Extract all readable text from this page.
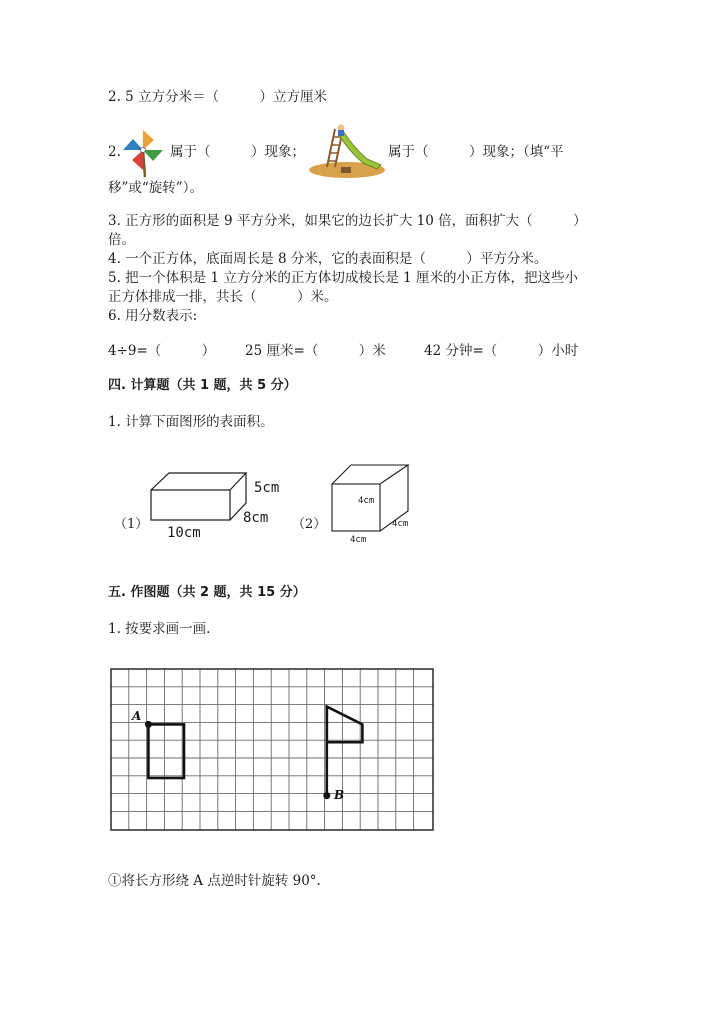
2. 5 立方分米＝（　　　）立方厘米
2.	属于（　　　）现象；	属于（　　　）现象；（填“平
移”或“旋转”）。
3. 正方形的面积是 9 平方分米，如果它的边长扩大 10 倍，面积扩大（　　　）
倍。
4. 一个正方体，底面周长是 8 分米，它的表面积是（　　　）平方分米。
5. 把一个体积是 1 立方分米的正方体切成棱长是 1 厘米的小正方体，把这些小
正方体排成一排，共长（　　　）米。
6. 用分数表示:
4÷9=（　　　） 25 厘米=（　　　）米	42 分钟=（　　　）小时
四. 计算题（共 1 题，共 5 分）
1. 计算下面图形的表面积。
（1）
5cm
8cm
10cm
（2）
4cm
4cm
4cm
五. 作图题（共 2 题，共 15 分）
1. 按要求画一画.
A
B
①将长方形绕 A 点逆时针旋转 90°.
